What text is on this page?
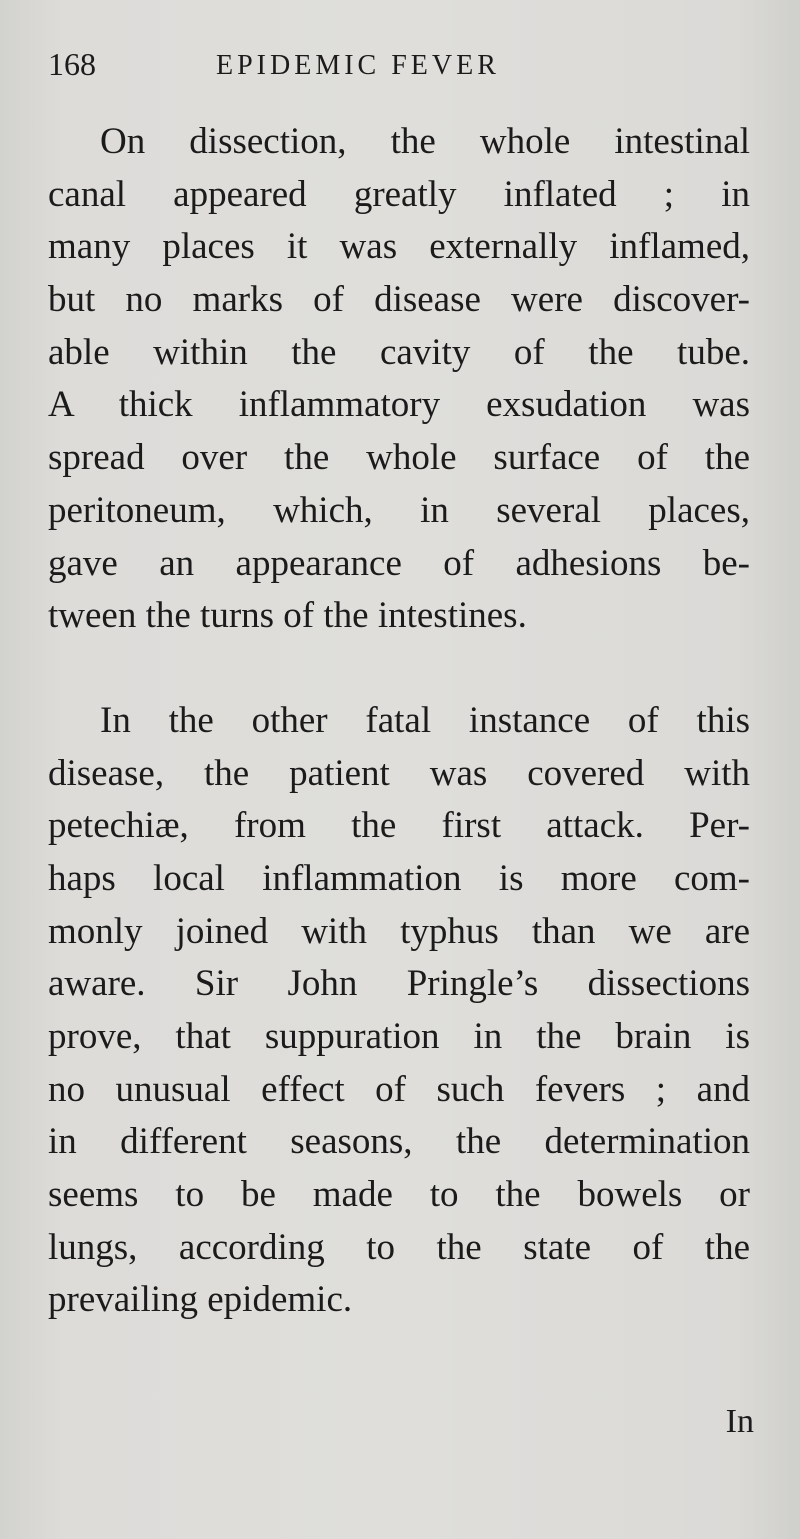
168	EPIDEMIC FEVER
On dissection, the whole intestinal
canal appeared greatly inflated ; in
many places it was externally inflamed,
but no marks of disease were discover-
able within the cavity of the tube.
A thick inflammatory exsudation was
spread over the whole surface of the
peritoneum, which, in several places,
gave an appearance of adhesions be-
tween the turns of the intestines.
In the other fatal instance of this
disease, the patient was covered with
petechiæ, from the first attack. Per-
haps local inflammation is more com-
monly joined with typhus than we are
aware. Sir John Pringle’s dissections
prove, that suppuration in the brain is
no unusual effect of such fevers ; and
in different seasons, the determination
seems to be made to the bowels or
lungs, according to the state of the
prevailing epidemic.
In
